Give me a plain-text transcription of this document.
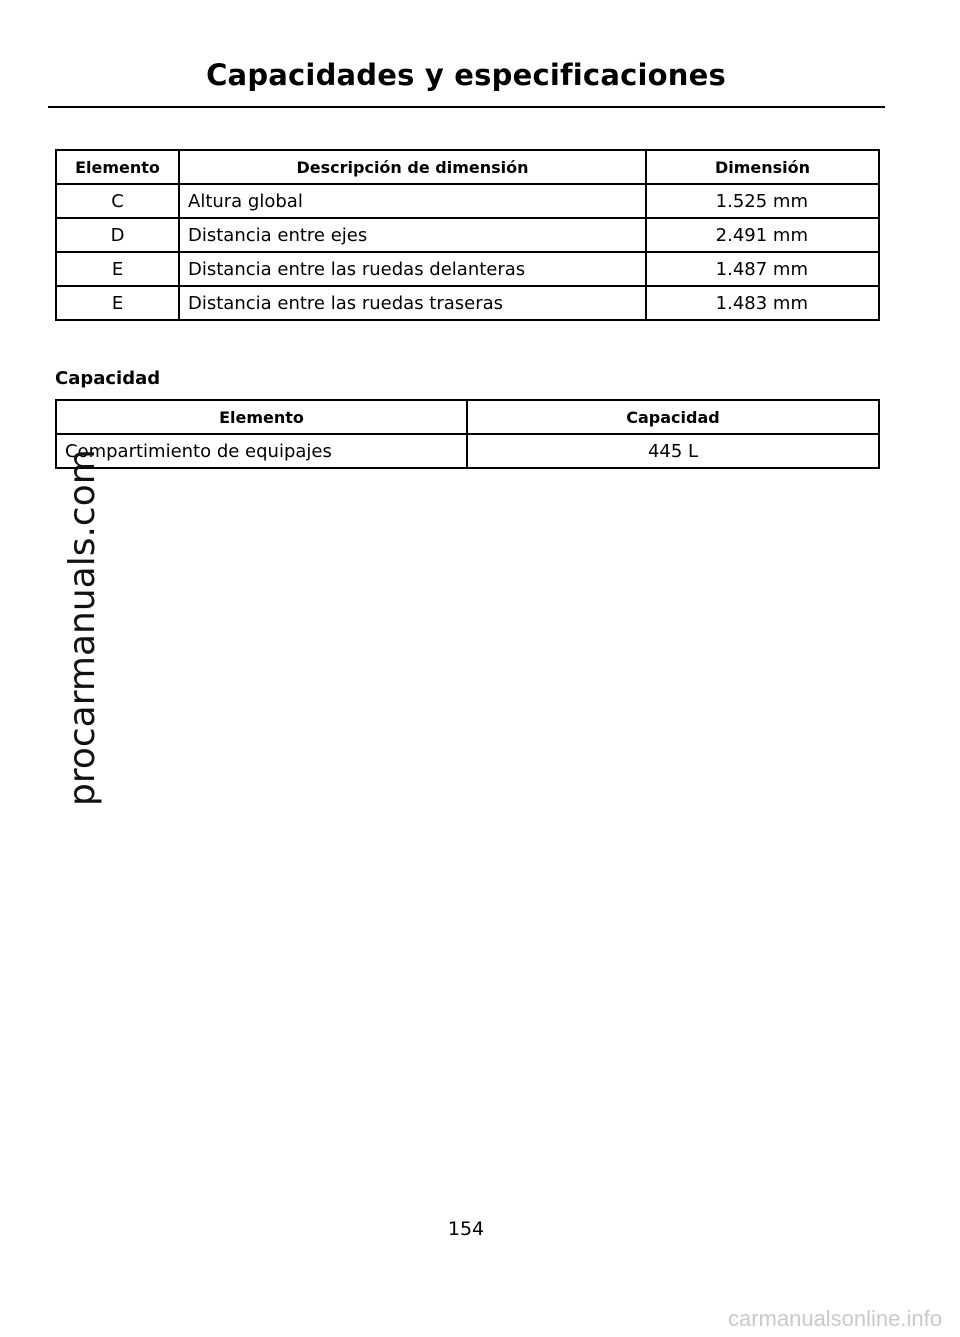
Capacidades y especificaciones
Elemento	Descripción de dimensión	Dimensión
C	Altura global	1.525 mm
D	Distancia entre ejes	2.491 mm
E	Distancia entre las ruedas delanteras	1.487 mm
E	Distancia entre las ruedas traseras	1.483 mm
Capacidad
Elemento	Capacidad
Compartimiento de equipajes	445 L
procarmanuals.com
154
carmanualsonline.info
